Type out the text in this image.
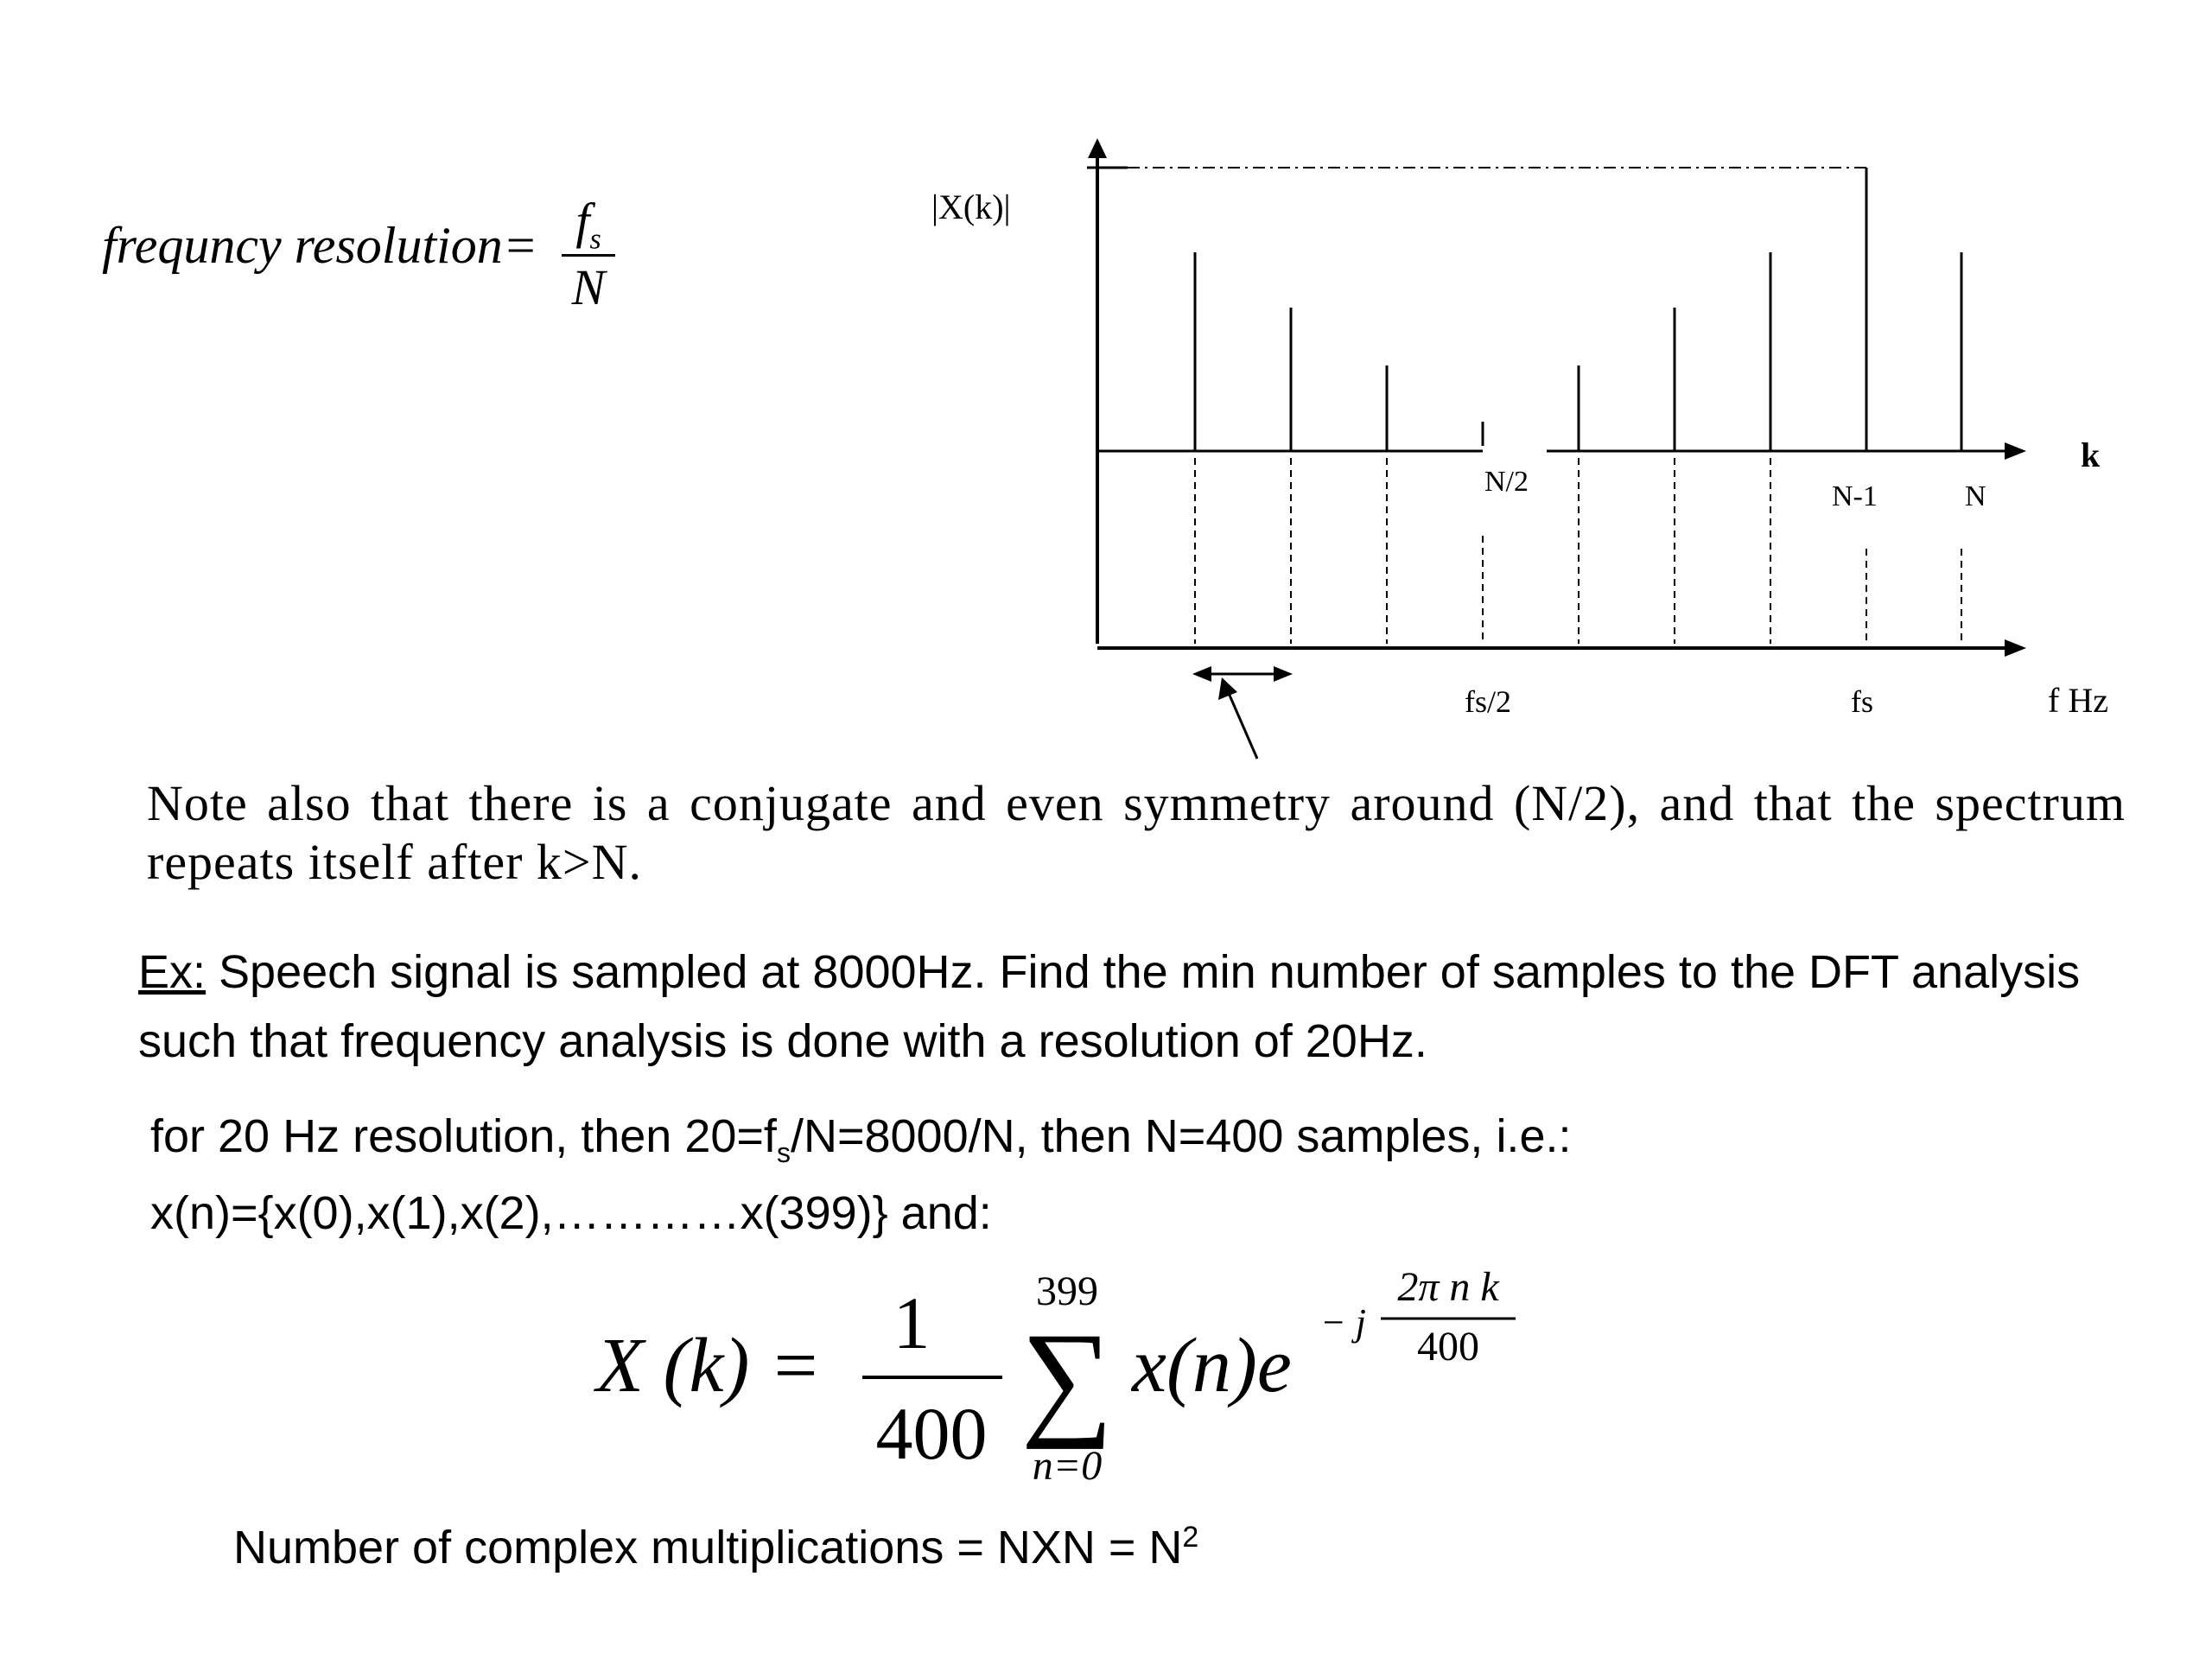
frequncy resolution= $\frac{f_s}{N}$	|X(k)|
k
N/2	N-1	N
fs/2	fs	f Hz
Note also that there is a conjugate and even symmetry around (N/2), and that the spectrum repeats itself after k>N.
Ex: Speech signal is sampled at 8000Hz. Find the min number of samples to the DFT analysis such that frequency analysis is done with a resolution of 20Hz.
for 20 Hz resolution, then $20=f_s/N=8000/N$, then N=400 samples, i.e.:
x(n)={x(0),x(1),x(2),…………x(399)} and:
X (k) = 1
400
399
∑
n=0
x(n)e
− j
2π n k
400
Number of complex multiplications = NXN = $N^2$
